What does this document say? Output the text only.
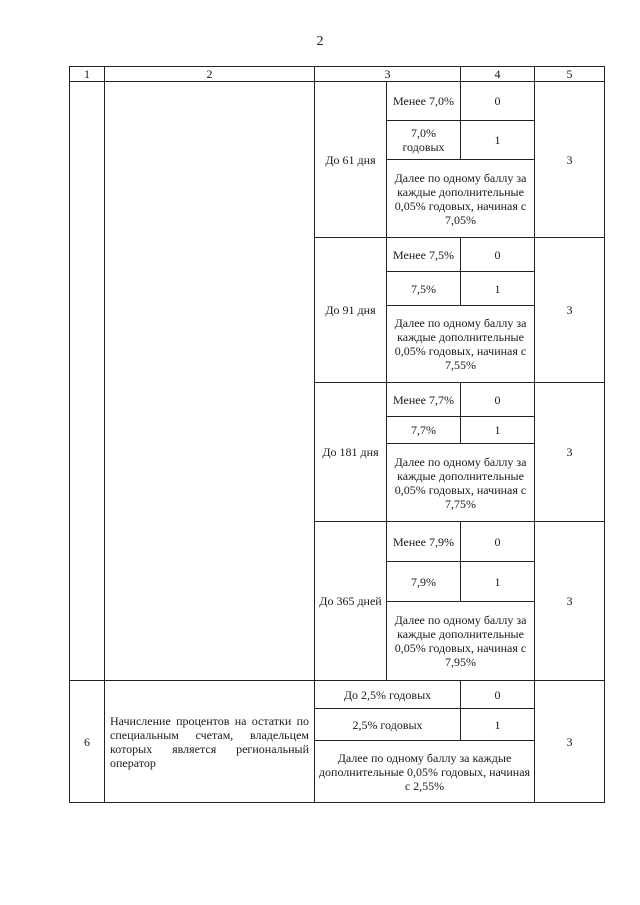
2
1	2	3		4	5
		До 61 дня	Менее 7,0%	0	3
			7,0% годовых	1	
			Далее по одному баллу за каждые дополнительные 0,05% годовых, начиная с 7,05%		
		До 91 дня	Менее 7,5%	0	3
			7,5%	1	
			Далее по одному баллу за каждые дополнительные 0,05% годовых, начиная с 7,55%		
		До 181 дня	Менее 7,7%	0	3
			7,7%	1	
			Далее по одному баллу за каждые дополнительные 0,05% годовых, начиная с 7,75%		
		До 365 дней	Менее 7,9%	0	3
			7,9%	1	
			Далее по одному баллу за каждые дополнительные 0,05% годовых, начиная с 7,95%		
6	Начисление процентов на остатки по специальным счетам, владельцем которых является региональный оператор	До 2,5% годовых		0	3
		2,5% годовых		1	
		Далее по одному баллу за каждые дополнительные 0,05% годовых, начиная с 2,55%			
